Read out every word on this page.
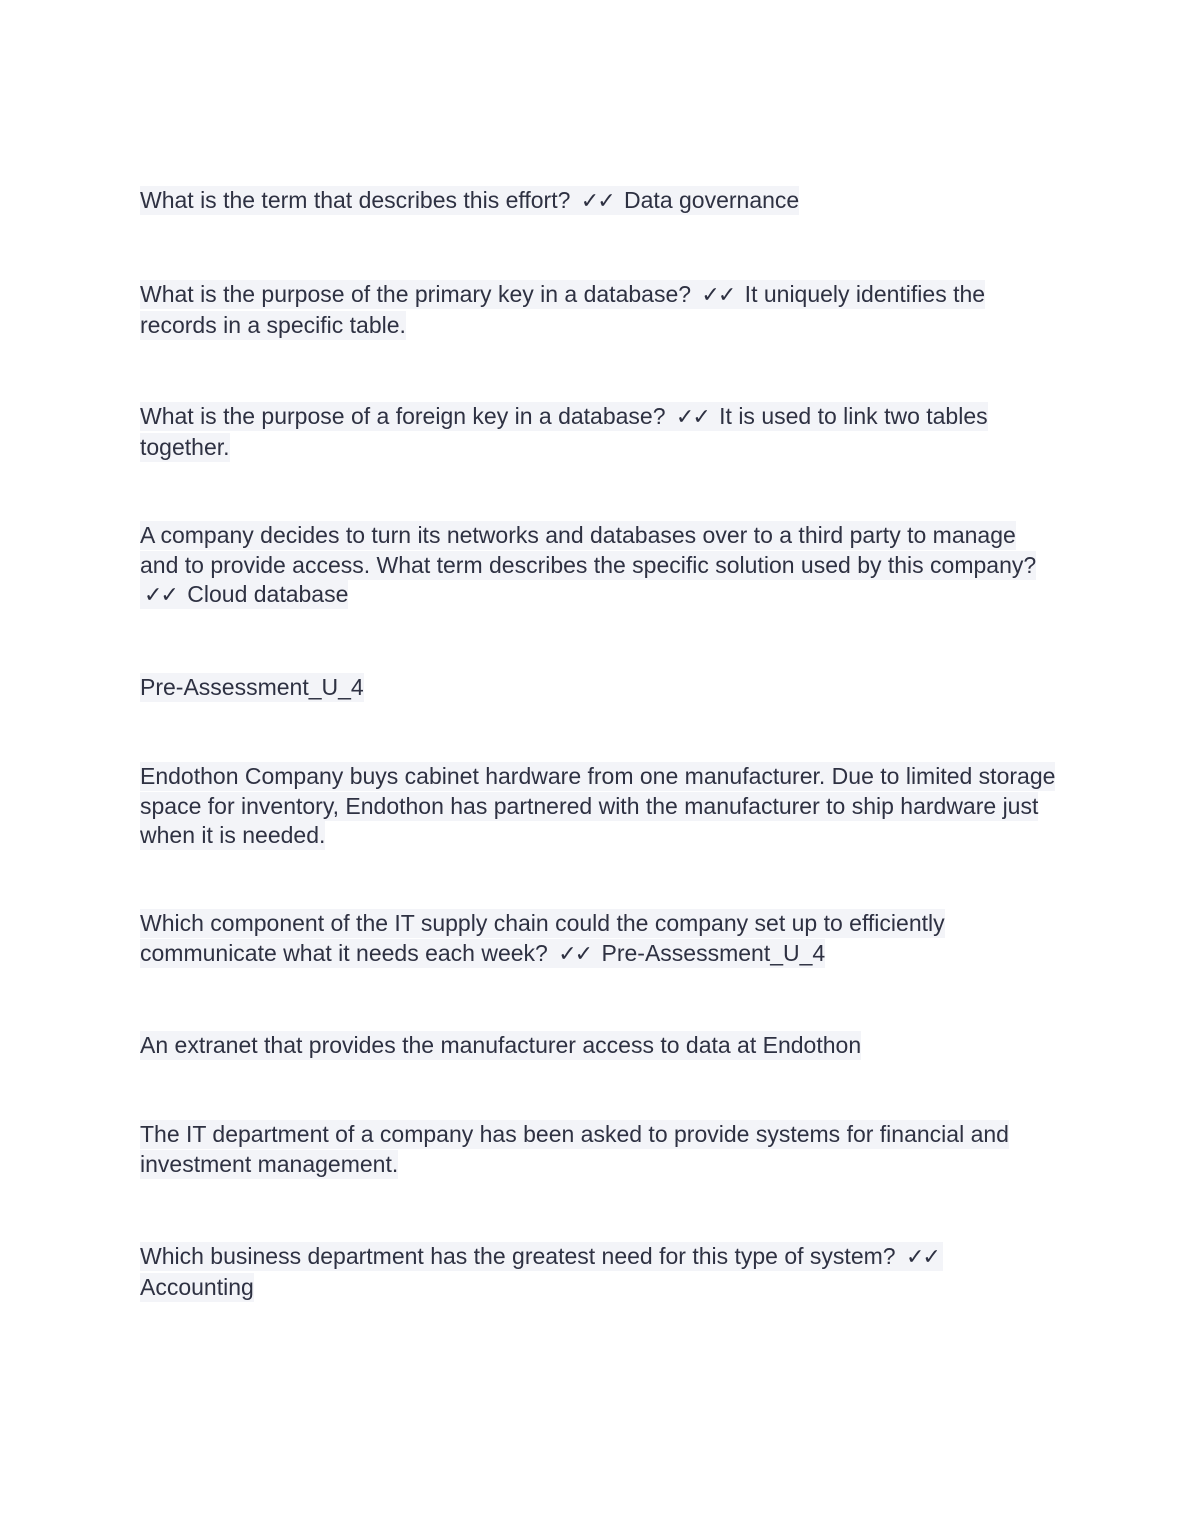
What is the term that describes this effort? ✓✓ Data governance

What is the purpose of the primary key in a database? ✓✓ It uniquely identifies the records in a specific table.

What is the purpose of a foreign key in a database? ✓✓ It is used to link two tables together.

A company decides to turn its networks and databases over to a third party to manage and to provide access. What term describes the specific solution used by this company? ✓✓ Cloud database

Pre-Assessment_U_4

Endothon Company buys cabinet hardware from one manufacturer. Due to limited storage space for inventory, Endothon has partnered with the manufacturer to ship hardware just when it is needed.

Which component of the IT supply chain could the company set up to efficiently communicate what it needs each week? ✓✓ Pre-Assessment_U_4

An extranet that provides the manufacturer access to data at Endothon

The IT department of a company has been asked to provide systems for financial and investment management.

Which business department has the greatest need for this type of system? ✓✓ Accounting
